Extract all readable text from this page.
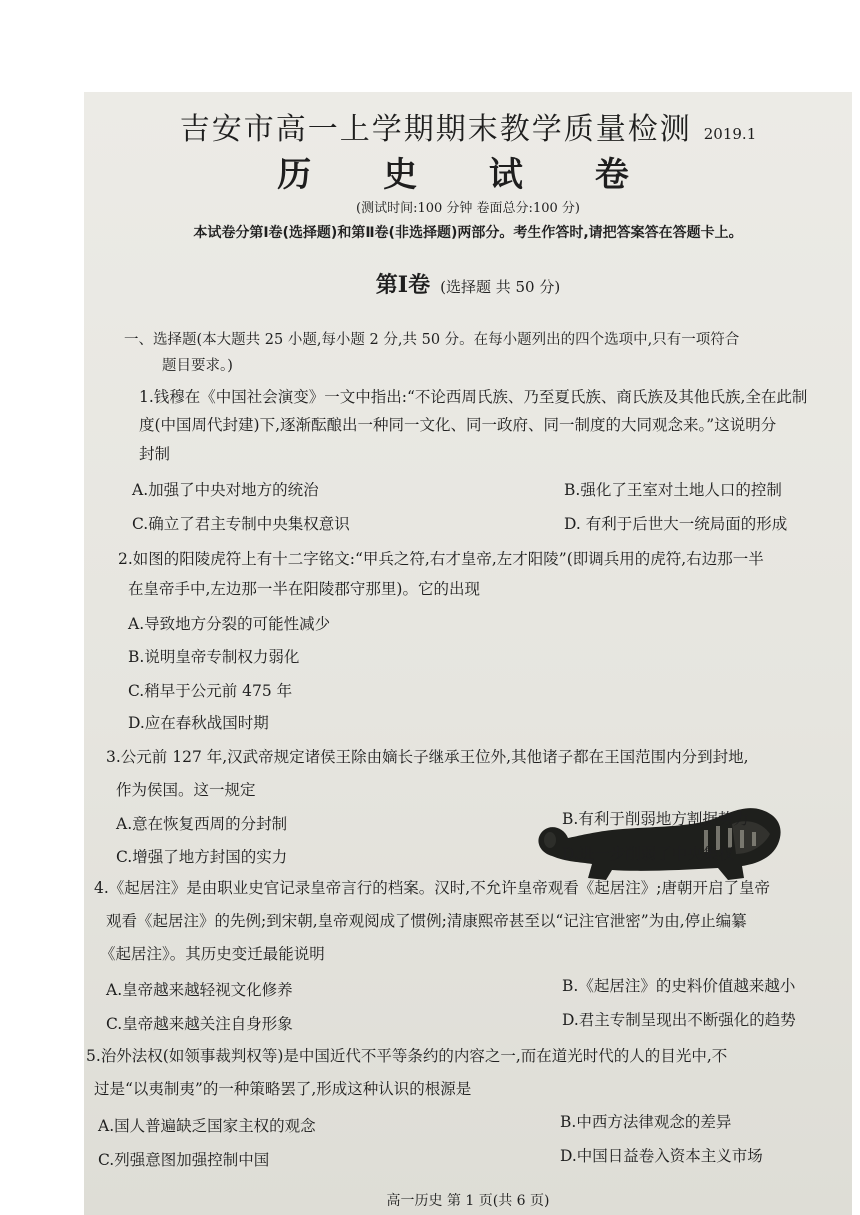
吉安市高一上学期期末教学质量检测 2019.1
历 史 试 卷
(测试时间:100 分钟 卷面总分:100 分)
本试卷分第Ⅰ卷(选择题)和第Ⅱ卷(非选择题)两部分。考生作答时,请把答案答在答题卡上。
第Ⅰ卷 (选择题 共 50 分)
一、选择题(本大题共 25 小题,每小题 2 分,共 50 分。在每小题列出的四个选项中,只有一项符合
题目要求。)
1.钱穆在《中国社会演变》一文中指出:“不论西周氏族、乃至夏氏族、商氏族及其他氏族,全在此制
度(中国周代封建)下,逐渐酝酿出一种同一文化、同一政府、同一制度的大同观念来。”这说明分
封制
A.加强了中央对地方的统治	B.强化了王室对土地人口的控制
C.确立了君主专制中央集权意识	D. 有利于后世大一统局面的形成
2.如图的阳陵虎符上有十二字铭文:“甲兵之符,右才皇帝,左才阳陵”(即调兵用的虎符,右边那一半
在皇帝手中,左边那一半在阳陵郡守那里)。它的出现
A.导致地方分裂的可能性减少
B.说明皇帝专制权力弱化
C.稍早于公元前 475 年
D.应在春秋战国时期
3.公元前 127 年,汉武帝规定诸侯王除由嫡长子继承王位外,其他诸子都在王国范围内分到封地,
作为侯国。这一规定
A.意在恢复西周的分封制	B.有利于削弱地方割据势力
C.增强了地方封国的实力	D.进一步削弱了中央集权
4.《起居注》是由职业史官记录皇帝言行的档案。汉时,不允许皇帝观看《起居注》;唐朝开启了皇帝
观看《起居注》的先例;到宋朝,皇帝观阅成了惯例;清康熙帝甚至以“记注官泄密”为由,停止编纂
《起居注》。其历史变迁最能说明
A.皇帝越来越轻视文化修养	B.《起居注》的史料价值越来越小
C.皇帝越来越关注自身形象	D.君主专制呈现出不断强化的趋势
5.治外法权(如领事裁判权等)是中国近代不平等条约的内容之一,而在道光时代的人的目光中,不
过是“以夷制夷”的一种策略罢了,形成这种认识的根源是
A.国人普遍缺乏国家主权的观念	B.中西方法律观念的差异
C.列强意图加强控制中国	D.中国日益卷入资本主义市场
高一历史 第 1 页(共 6 页)
